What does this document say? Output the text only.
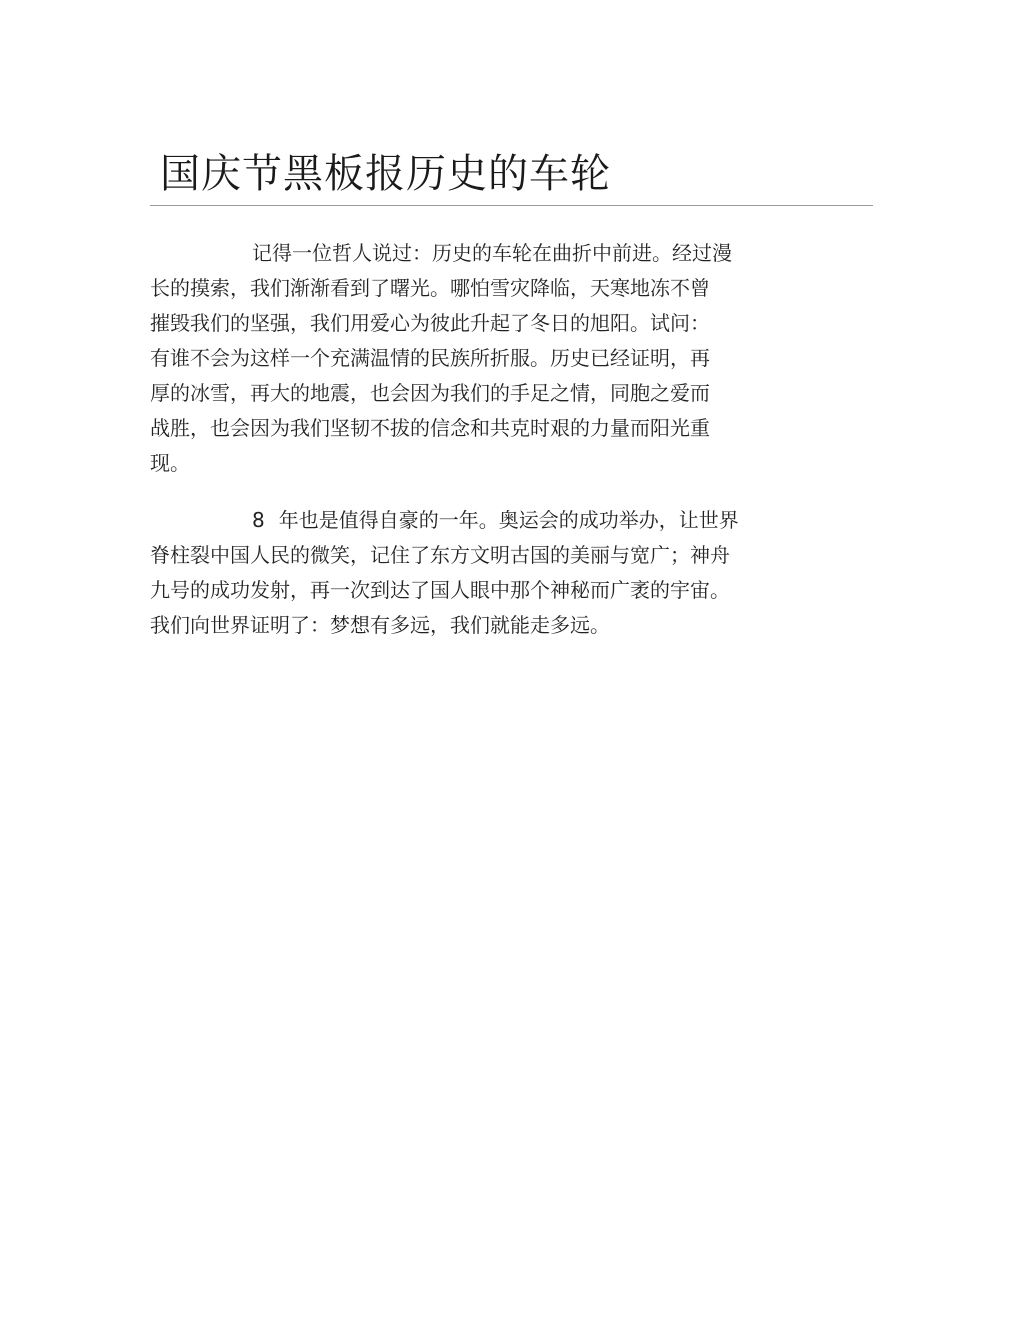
国庆节黑板报历史的车轮

记得一位哲人说过：历史的车轮在曲折中前进。经过漫
长的摸索，我们渐渐看到了曙光。哪怕雪灾降临，天寒地冻不曾
摧毁我们的坚强，我们用爱心为彼此升起了冬日的旭阳。试问：
有谁不会为这样一个充满温情的民族所折服。历史已经证明，再
厚的冰雪，再大的地震，也会因为我们的手足之情，同胞之爱而
战胜，也会因为我们坚韧不拔的信念和共克时艰的力量而阳光重
现。

8 年也是值得自豪的一年。奥运会的成功举办，让世界
脊柱裂中国人民的微笑，记住了东方文明古国的美丽与宽广；神舟
九号的成功发射，再一次到达了国人眼中那个神秘而广袤的宇宙。
我们向世界证明了：梦想有多远，我们就能走多远。
